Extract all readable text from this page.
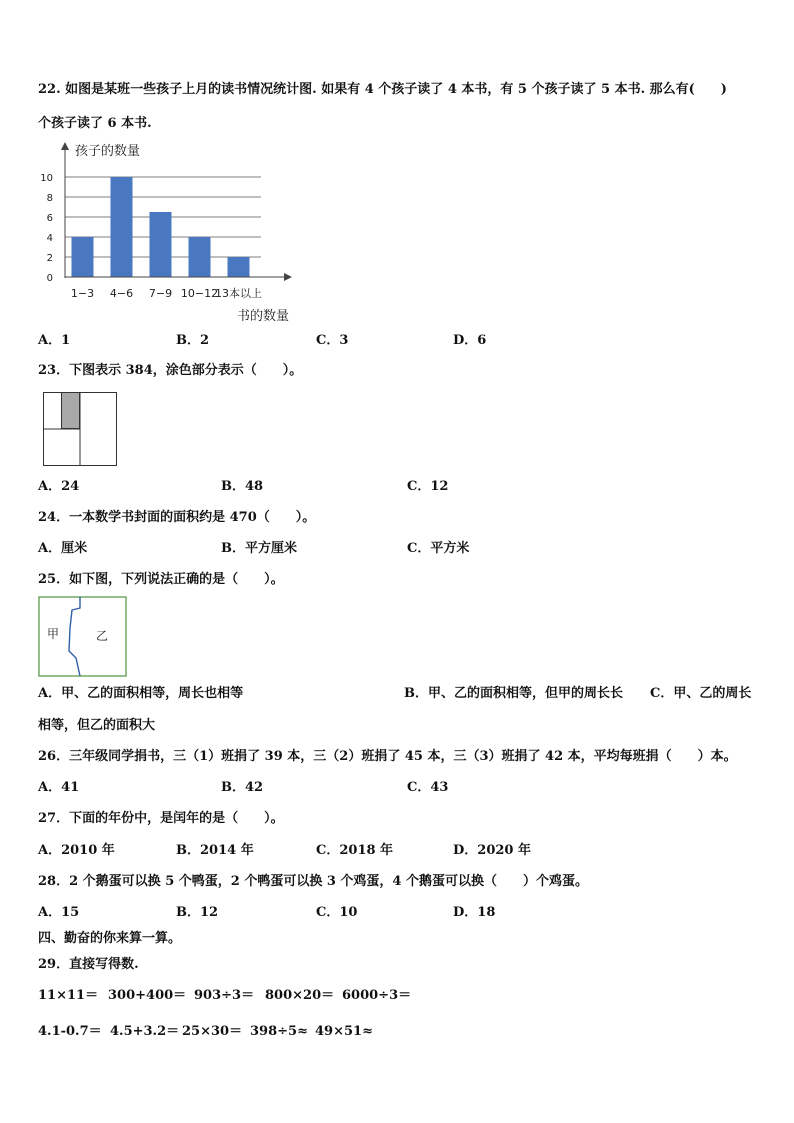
22. 如图是某班一些孩子上月的读书情况统计图. 如果有 4 个孩子读了 4 本书，有 5 个孩子读了 5 本书. 那么有(　　)
个孩子读了 6 本书.
0
2
4
6
8
10
1−3 4−6 7−9 10−12
13本以上
孩子的数量
书的数量
A．1	B．2	C．3	D．6
23．下图表示 384，涂色部分表示（　　）。
A．24	B．48	C．12
24．一本数学书封面的面积约是 470（　　）。
A．厘米	B．平方厘米	C．平方米
25．如下图，下列说法正确的是（　　）。
甲	乙
A．甲、乙的面积相等，周长也相等	B．甲、乙的面积相等，但甲的周长长 C．甲、乙的周长
相等，但乙的面积大
26．三年级同学捐书，三（1）班捐了 39 本，三（2）班捐了 45 本，三（3）班捐了 42 本，平均每班捐（　　）本。
A．41	B．42	C．43
27．下面的年份中，是闰年的是（　　）。
A．2010 年	B．2014 年	C．2018 年	D．2020 年
28．2 个鹅蛋可以换 5 个鸭蛋，2 个鸭蛋可以换 3 个鸡蛋，4 个鹅蛋可以换（　　）个鸡蛋。
A．15	B．12	C．10	D．18
四、勤奋的你来算一算。
29．直接写得数.
11×11＝ 300+400＝ 903÷3＝ 800×20＝ 6000÷3＝
4.1-0.7＝ 4.5+3.2＝ 25×30＝ 398÷5≈ 49×51≈
